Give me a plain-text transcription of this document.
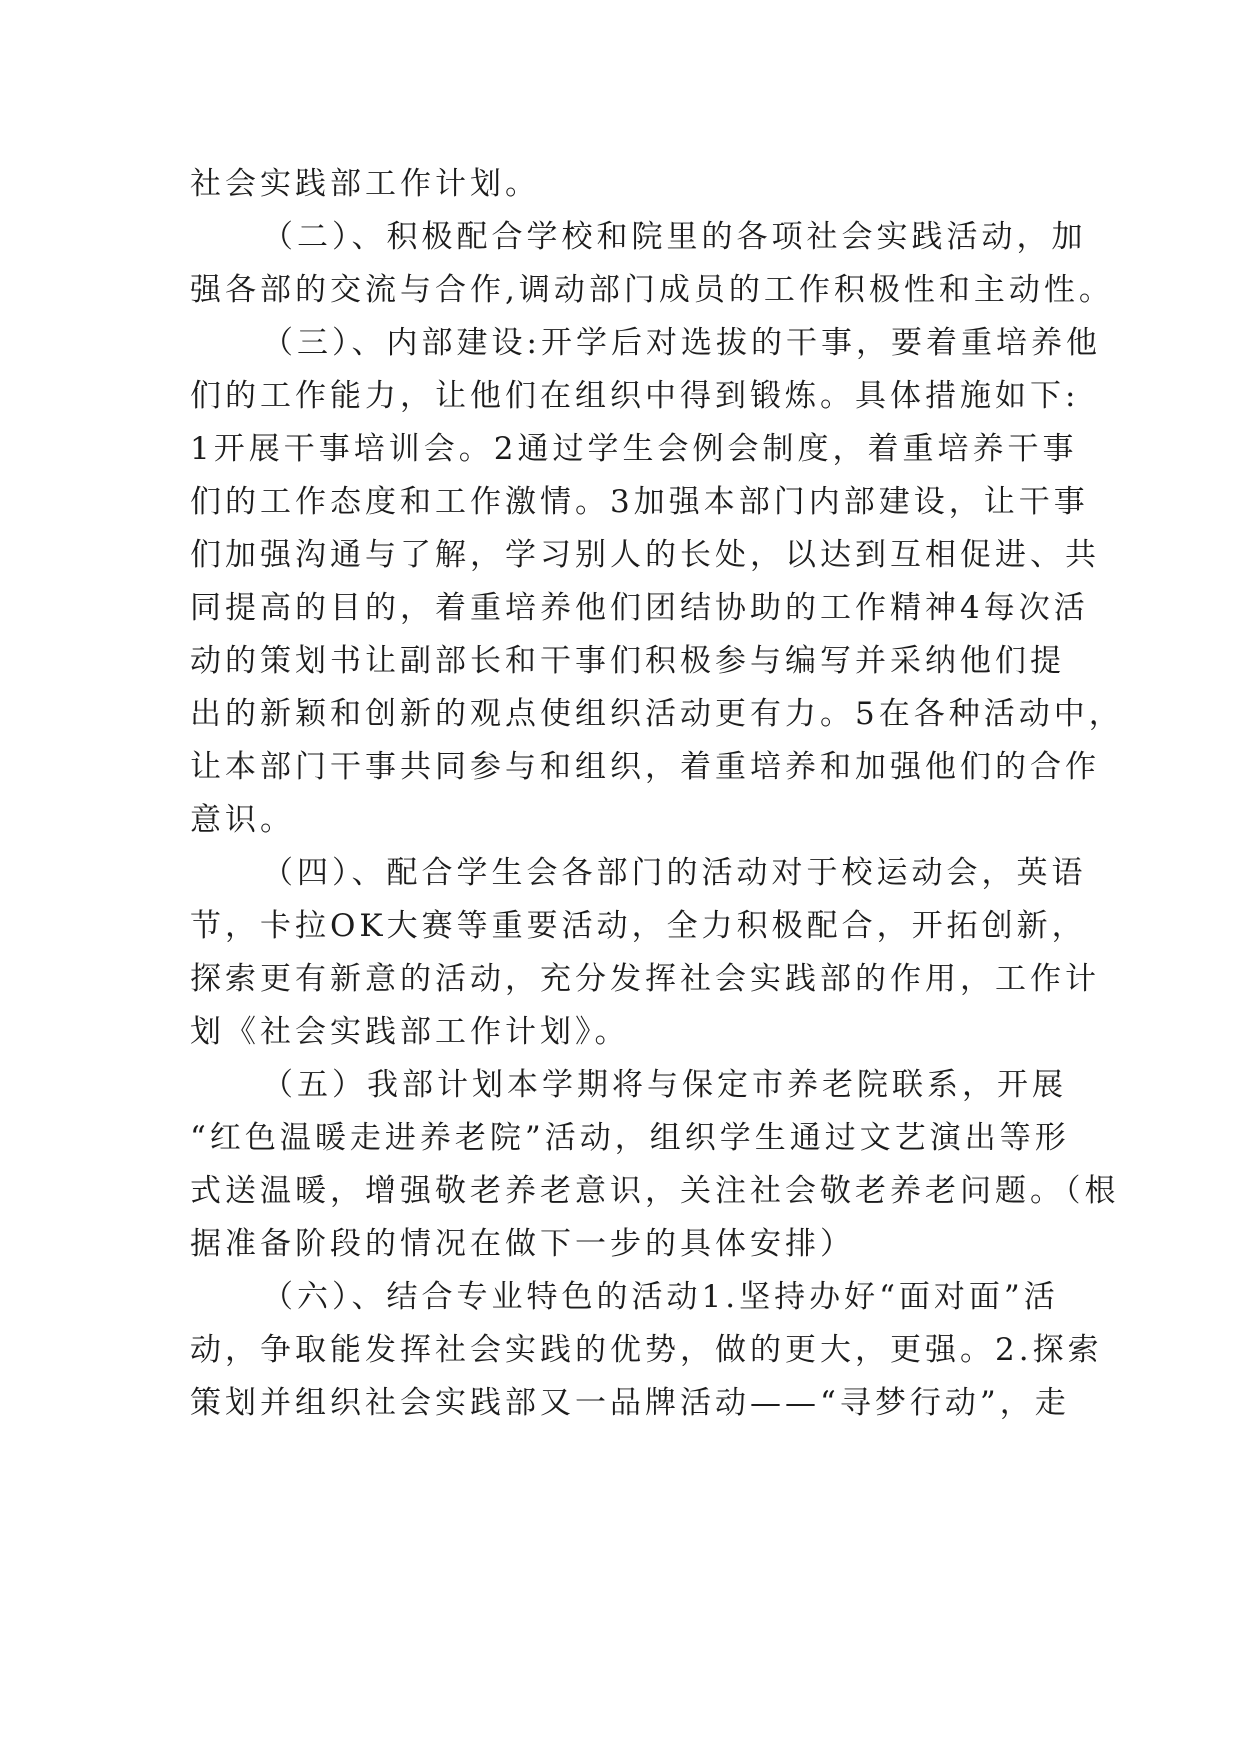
社会实践部工作计划。
（二）、积极配合学校和院里的各项社会实践活动，加
强各部的交流与合作,调动部门成员的工作积极性和主动性。
（三）、内部建设:开学后对选拔的干事，要着重培养他
们的工作能力，让他们在组织中得到锻炼。具体措施如下:
1开展干事培训会。2通过学生会例会制度，着重培养干事
们的工作态度和工作激情。3加强本部门内部建设，让干事
们加强沟通与了解，学习别人的长处，以达到互相促进、共
同提高的目的，着重培养他们团结协助的工作精神4每次活
动的策划书让副部长和干事们积极参与编写并采纳他们提
出的新颖和创新的观点使组织活动更有力。5在各种活动中，
让本部门干事共同参与和组织，着重培养和加强他们的合作
意识。
（四）、配合学生会各部门的活动对于校运动会，英语
节，卡拉OK大赛等重要活动，全力积极配合，开拓创新，
探索更有新意的活动，充分发挥社会实践部的作用，工作计
划《社会实践部工作计划》。
（五）我部计划本学期将与保定市养老院联系，开展
“红色温暖走进养老院”活动，组织学生通过文艺演出等形
式送温暖，增强敬老养老意识，关注社会敬老养老问题。（根
据准备阶段的情况在做下一步的具体安排）
（六）、结合专业特色的活动1.坚持办好“面对面”活
动，争取能发挥社会实践的优势，做的更大，更强。2.探索
策划并组织社会实践部又一品牌活动——“寻梦行动”，走
